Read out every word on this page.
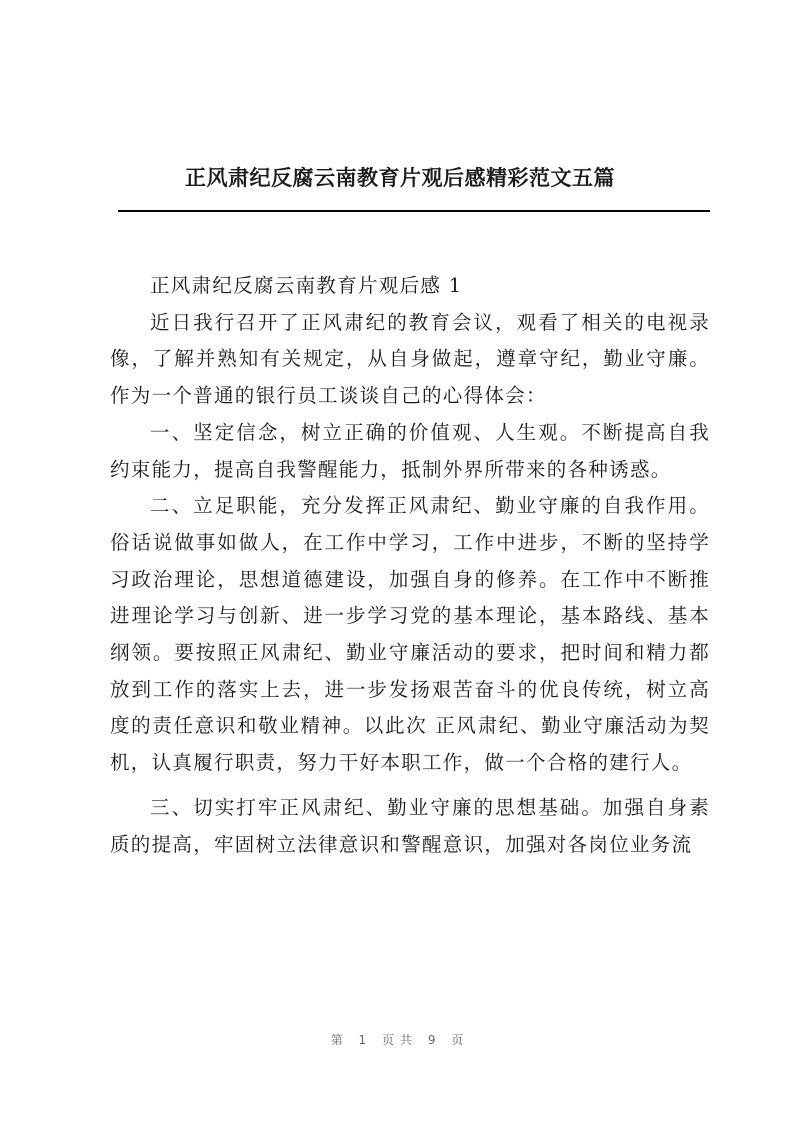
正风肃纪反腐云南教育片观后感精彩范文五篇

正风肃纪反腐云南教育片观后感 1

近日我行召开了正风肃纪的教育会议，观看了相关的电视录像，了解并熟知有关规定，从自身做起，遵章守纪，勤业守廉。作为一个普通的银行员工谈谈自己的心得体会：

一、坚定信念，树立正确的价值观、人生观。不断提高自我约束能力，提高自我警醒能力，抵制外界所带来的各种诱惑。

二、立足职能，充分发挥正风肃纪、勤业守廉的自我作用。俗话说做事如做人，在工作中学习，工作中进步，不断的坚持学习政治理论，思想道德建设，加强自身的修养。在工作中不断推进理论学习与创新、进一步学习党的基本理论，基本路线、基本纲领。要按照正风肃纪、勤业守廉活动的要求，把时间和精力都放到工作的落实上去，进一步发扬艰苦奋斗的优良传统，树立高度的责任意识和敬业精神。以此次 正风肃纪、勤业守廉活动为契机，认真履行职责，努力干好本职工作，做一个合格的建行人。

三、切实打牢正风肃纪、勤业守廉的思想基础。加强自身素质的提高，牢固树立法律意识和警醒意识，加强对各岗位业务流

第 1 页共 9 页
